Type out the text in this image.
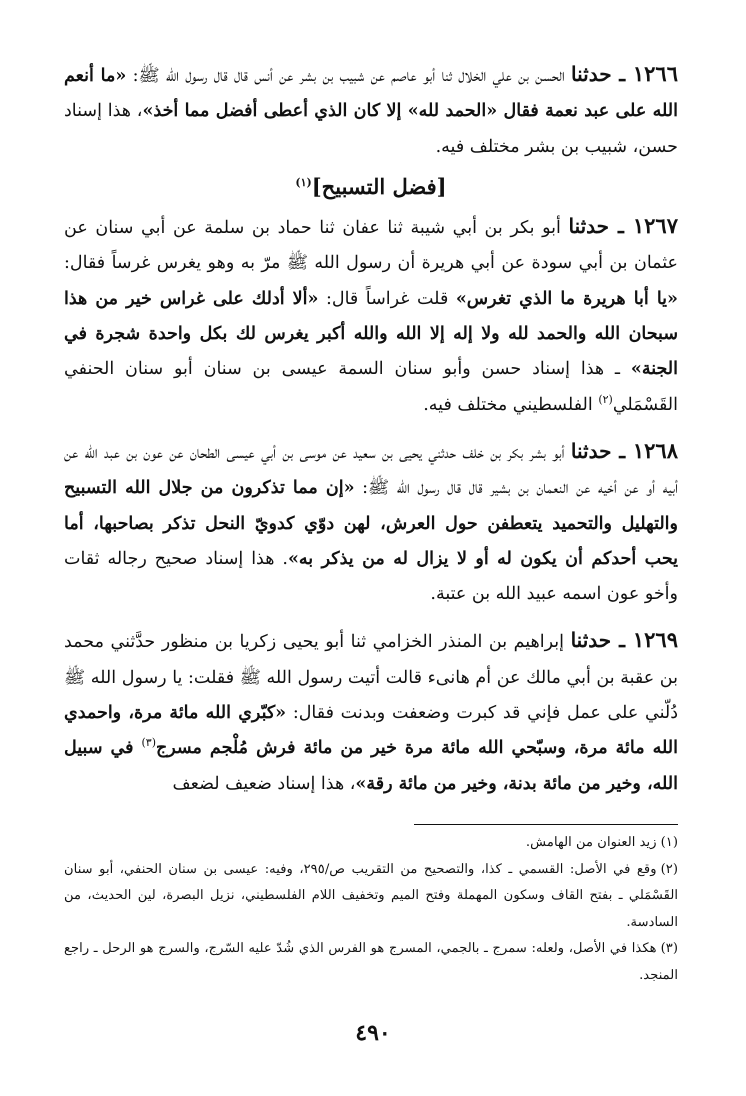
١٢٦٦ ـ حدثنا الحسن بن علي الخلال ثنا أبو عاصم عن شبيب بن بشر عن أنس قال قال رسول الله ﷺ: «ما أنعم الله على عبد نعمة فقال «الحمد لله» إلا كان الذي أعطى أفضل مما أخذ»، هذا إسناد حسن، شبيب بن بشر مختلف فيه.

[فضل التسبيح]$^{(١)}$

١٢٦٧ ـ حدثنا أبو بكر بن أبي شيبة ثنا عفان ثنا حماد بن سلمة عن أبي سنان عن عثمان بن أبي سودة عن أبي هريرة أن رسول الله ﷺ مرّ به وهو يغرس غرساً فقال: «يا أبا هريرة ما الذي تغرس» قلت غراساً قال: «ألا أدلك على غراس خير من هذا سبحان الله والحمد لله ولا إله إلا الله والله أكبر يغرس لك بكل واحدة شجرة في الجنة» ـ هذا إسناد حسن وأبو سنان السمة عيسى بن سنان أبو سنان الحنفي القَسْمَلي$^{(٢)}$ الفلسطيني مختلف فيه.

١٢٦٨ ـ حدثنا أبو بشر بكر بن خلف حدثني يحيى بن سعيد عن موسى بن أبي عيسى الطحان عن عون بن عبد الله عن أبيه أو عن أخيه عن النعمان بن بشير قال قال رسول الله ﷺ: «إن مما تذكرون من جلال الله التسبيح والتهليل والتحميد يتعطفن حول العرش، لهن دوّي كدويّ النحل تذكر بصاحبها، أما يحب أحدكم أن يكون له أو لا يزال له من يذكر به». هذا إسناد صحيح رجاله ثقات وأخو عون اسمه عبيد الله بن عتبة.

١٢٦٩ ـ حدثنا إبراهيم بن المنذر الخزامي ثنا أبو يحيى زكريا بن منظور حدَّثني محمد بن عقبة بن أبي مالك عن أم هانىء قالت أتيت رسول الله ﷺ فقلت: يا رسول الله ﷺ دُلّني على عمل فإني قد كبرت وضعفت وبدنت فقال: «كبّري الله مائة مرة، واحمدي الله مائة مرة، وسبّحي الله مائة مرة خير من مائة فرش مُلْجم مسرج$^{(٣)}$ في سبيل الله، وخير من مائة بدنة، وخير من مائة رقة»، هذا إسناد ضعيف لضعف

(١)زيد العنوان من الهامش.

(٢)وقع في الأصل: القسمي ـ كذا، والتصحيح من التقريب ص/٢٩٥، وفيه: عيسى بن سنان الحنفي، أبو سنان القَسْمَلي ـ بفتح القاف وسكون المهملة وفتح الميم وتخفيف اللام الفلسطيني، نزيل البصرة، لين الحديث، من السادسة.

(٣)هكذا في الأصل، ولعله: سمرج ـ بالجمي، المسرج هو الفرس الذي شُدّ عليه السّرج، والسرج هو الرحل ـ راجع المنجد.

٤٩٠
